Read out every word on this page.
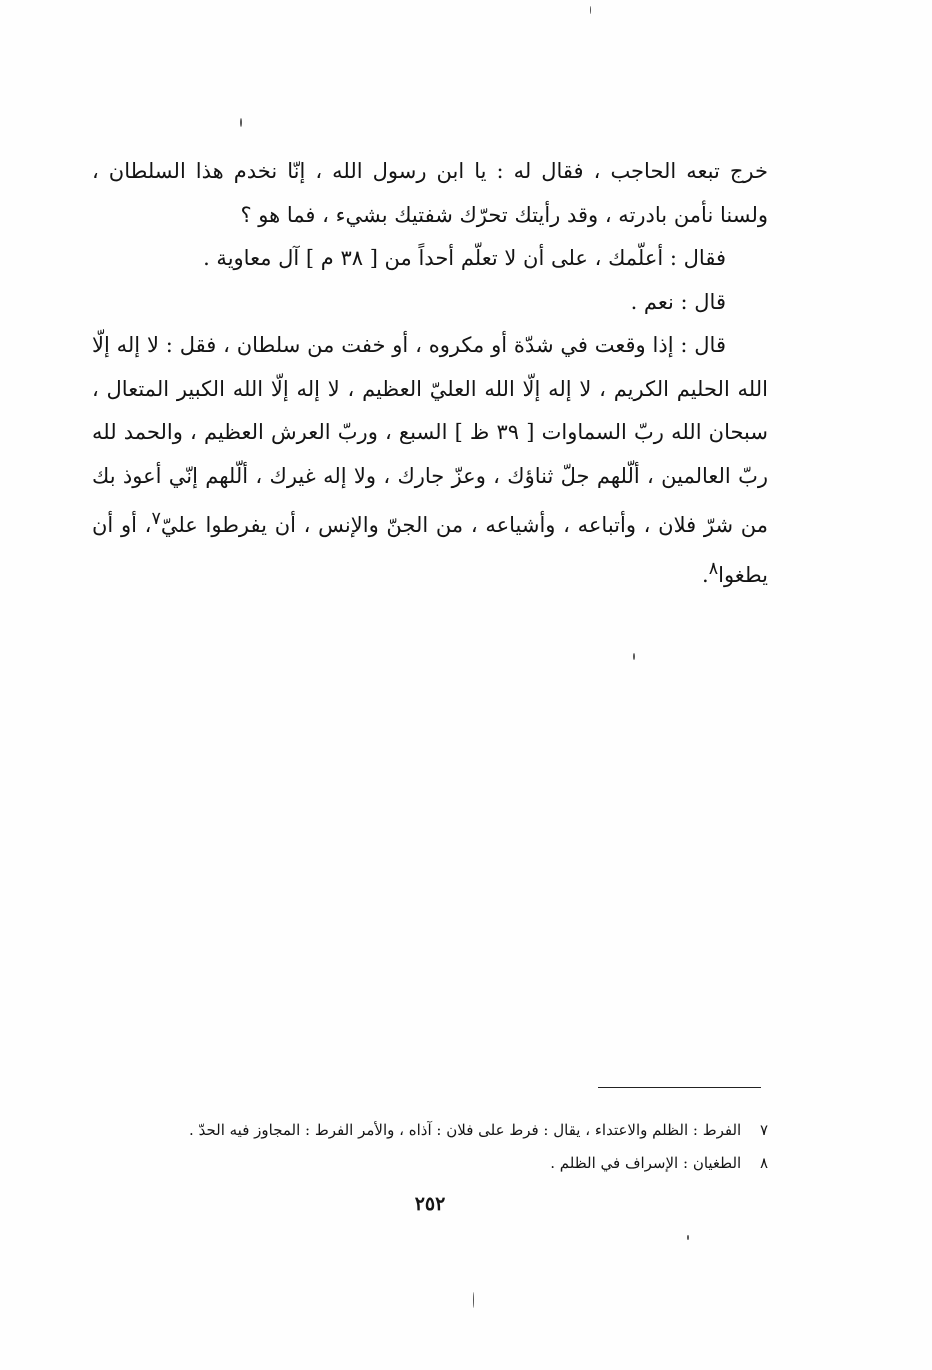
خرج تبعه الحاجب ، فقال له : يا ابن رسول الله ، إنّا نخدم هذا السلطان ، ولسنا نأمن بادرته ، وقد رأيتك تحرّك شفتيك بشيء ، فما هو ؟

فقال : أعلّمك ، على أن لا تعلّم أحداً من [ ٣٨ م ] آل معاوية .

قال : نعم .

قال : إذا وقعت في شدّة أو مكروه ، أو خفت من سلطان ، فقل : لا إله إلّا الله الحليم الكريم ، لا إله إلّا الله العليّ العظيم ، لا إله إلّا الله الكبير المتعال ، سبحان الله ربّ السماوات [ ٣٩ ظ ] السبع ، وربّ العرش العظيم ، والحمد لله ربّ العالمين ، ألّلهم جلّ ثناؤك ، وعزّ جارك ، ولا إله غيرك ، ألّلهم إنّي أعوذ بك من شرّ فلان ، وأتباعه ، وأشياعه ، من الجنّ والإنس ، أن يفرطوا عليّ$^٧$، أو أن يطغوا$^٨$.

٧ الفرط : الظلم والاعتداء ، يقال : فرط على فلان : آذاه ، والأمر الفرط : المجاوز فيه الحدّ .
٨ الطغيان : الإسراف في الظلم .
٢٥٢
